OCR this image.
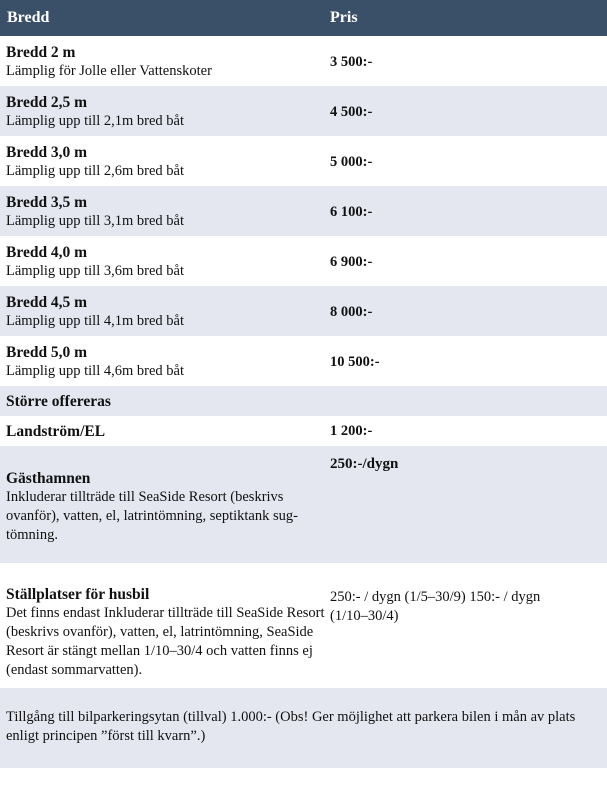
Bredd	Pris
Bredd 2 m
Lämplig för Jolle eller Vattenskoter
3 500:-
Bredd 2,5 m
Lämplig upp till 2,1m bred båt
4 500:-
Bredd 3,0 m
Lämplig upp till 2,6m bred båt
5 000:-
Bredd 3,5 m
Lämplig upp till 3,1m bred båt
6 100:-
Bredd 4,0 m
Lämplig upp till 3,6m bred båt
6 900:-
Bredd 4,5 m
Lämplig upp till 4,1m bred båt
8 000:-
Bredd 5,0 m
Lämplig upp till 4,6m bred båt
10 500:-
Större offereras
Landström/EL	1 200:-
Gästhamnen
Inkluderar tillträde till SeaSide Resort (beskrivs ovanför), vatten, el, latrintömning, septiktank sug-tömning.
250:-/dygn
Ställplatser för husbil
Det finns endast Inkluderar tillträde till SeaSide Resort (beskrivs ovanför), vatten, el, latrintömning, SeaSide Resort är stängt mellan 1/10–30/4 och vatten finns ej (endast sommarvatten).
250:- / dygn (1/5–30/9) 150:- / dygn (1/10–30/4)
Tillgång till bilparkeringsytan (tillval) 1.000:- (Obs! Ger möjlighet att parkera bilen i mån av plats enligt principen ”först till kvarn”.)
